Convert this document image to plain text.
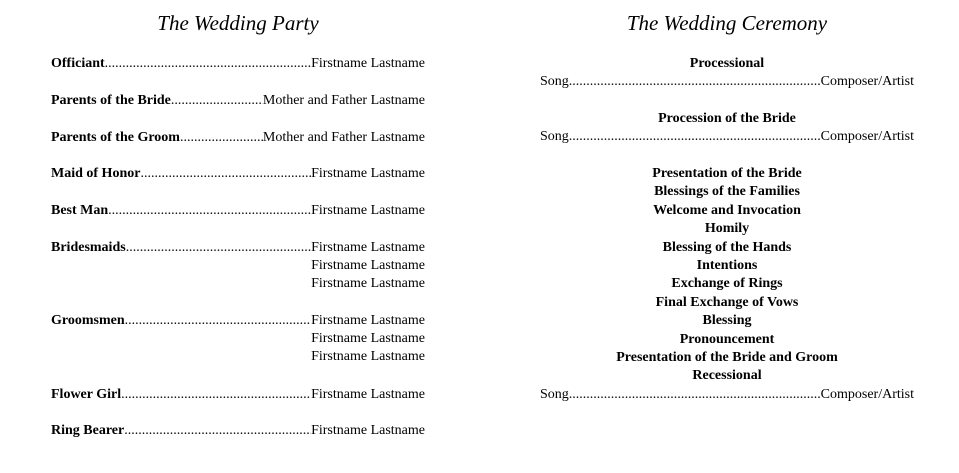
The Wedding Party
Officiant .....	Firstname Lastname
Parents of the Bride .....	Mother and Father Lastname
Parents of the Groom .....	Mother and Father Lastname
Maid of Honor .....	Firstname Lastname
Best Man .....	Firstname Lastname
Bridesmaids .....	Firstname Lastname
Firstname Lastname
Firstname Lastname
Groomsmen .....	Firstname Lastname
Firstname Lastname
Firstname Lastname
Flower Girl .....	Firstname Lastname
Ring Bearer .....	Firstname Lastname
The Wedding Ceremony
Processional
Song .....	Composer/Artist
Procession of the Bride
Song .....	Composer/Artist
Presentation of the Bride
Blessings of the Families
Welcome and Invocation
Homily
Blessing of the Hands
Intentions
Exchange of Rings
Final Exchange of Vows
Blessing
Pronouncement
Presentation of the Bride and Groom
Recessional
Song .....	Composer/Artist
